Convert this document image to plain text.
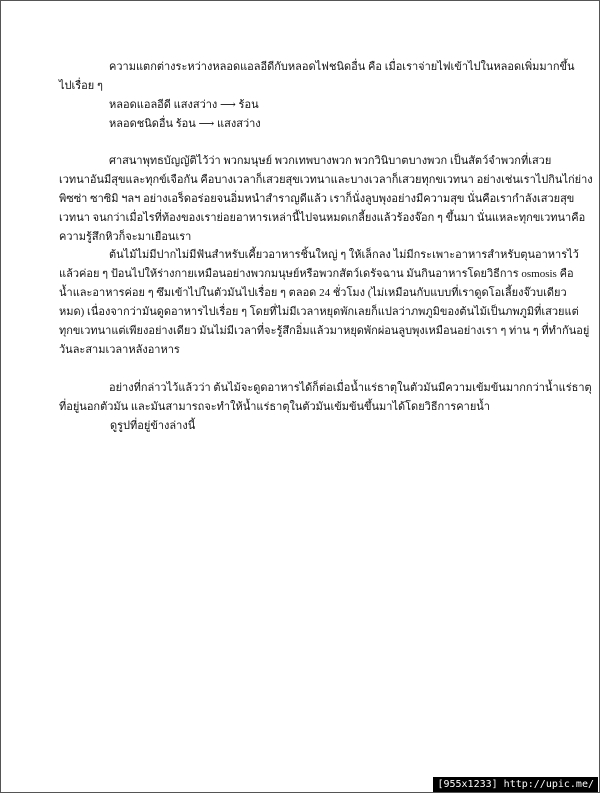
ความแตกต่างระหว่างหลอดแอลอีดีกับหลอดไฟชนิดอื่น คือ เมื่อเราจ่ายไฟเข้าไปในหลอดเพิ่มมากขึ้น
ไปเรื่อย ๆ
หลอดแอลอีดี แสงสว่าง ⟶ ร้อน
หลอดชนิดอื่น ร้อน ⟶ แสงสว่าง
ศาสนาพุทธบัญญัติไว้ว่า พวกมนุษย์ พวกเทพบางพวก พวกวินิบาตบางพวก เป็นสัตว์จำพวกที่เสวย
เวทนาอันมีสุขและทุกข์เจือกัน คือบางเวลาก็เสวยสุขเวทนาและบางเวลาก็เสวยทุกขเวทนา อย่างเช่นเราไปกินไก่ย่าง
พิซซ่า ซาซิมิ ฯลฯ อย่างเอร็ดอร่อยจนอิ่มหนำสำราญดีแล้ว เราก็นั่งลูบพุงอย่างมีความสุข นั่นคือเรากำลังเสวยสุข
เวทนา จนกว่าเมื่อไรที่ท้องของเราย่อยอาหารเหล่านี้ไปจนหมดเกลี้ยงแล้วร้องจ๊อก ๆ ขึ้นมา นั่นแหละทุกขเวทนาคือ
ความรู้สึกหิวก็จะมาเยือนเรา
ต้นไม้ไม่มีปากไม่มีฟันสำหรับเคี้ยวอาหารชิ้นใหญ่ ๆ ให้เล็กลง ไม่มีกระเพาะอาหารสำหรับตุนอาหารไว้
แล้วค่อย ๆ ป้อนไปให้ร่างกายเหมือนอย่างพวกมนุษย์หรือพวกสัตว์เดรัจฉาน มันกินอาหารโดยวิธีการ osmosis คือ
น้ำและอาหารค่อย ๆ ซึมเข้าไปในตัวมันไปเรื่อย ๆ ตลอด 24 ชั่วโมง (ไม่เหมือนกับแบบที่เราดูดโอเลี้ยงจ๊วบเดียว
หมด) เนื่องจากว่ามันดูดอาหารไปเรื่อย ๆ โดยที่ไม่มีเวลาหยุดพักเลยก็แปลว่าภพภูมิของต้นไม้เป็นภพภูมิที่เสวยแต่
ทุกขเวทนาแต่เพียงอย่างเดียว มันไม่มีเวลาที่จะรู้สึกอิ่มแล้วมาหยุดพักผ่อนลูบพุงเหมือนอย่างเรา ๆ ท่าน ๆ ที่ทำกันอยู่
วันละสามเวลาหลังอาหาร
อย่างที่กล่าวไว้แล้วว่า ต้นไม้จะดูดอาหารได้ก็ต่อเมื่อน้ำแร่ธาตุในตัวมันมีความเข้มข้นมากกว่าน้ำแร่ธาตุ
ที่อยู่นอกตัวมัน และมันสามารถจะทำให้น้ำแร่ธาตุในตัวมันเข้มข้นขึ้นมาได้โดยวิธีการคายน้ำ
ดูรูปที่อยู่ข้างล่างนี้
[955x1233] http://upic.me/
